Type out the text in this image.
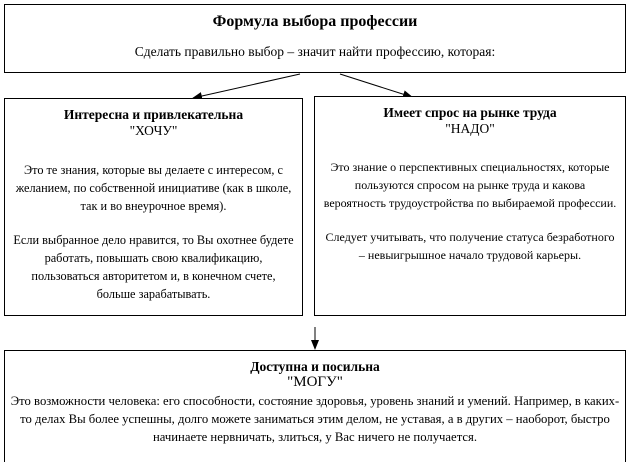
Формула выбора профессии
Сделать правильно выбор – значит найти профессию, которая:
Интересна и привлекательна
"ХОЧУ"
Это те знания, которые вы делаете с интересом, с желанием, по собственной инициативе (как в школе, так и во внеурочное время).
Если выбранное дело нравится, то Вы охотнее будете работать, повышать свою квалификацию, пользоваться авторитетом и, в конечном счете, больше зарабатывать.
Имеет спрос на рынке труда
"НАДО"
Это знание о перспективных специальностях, которые пользуются спросом на рынке труда и какова вероятность трудоустройства по выбираемой профессии.
Следует учитывать, что получение статуса безработного – невыигрышное начало трудовой карьеры.
Доступна и посильна
"МОГУ"
Это возможности человека: его способности, состояние здоровья, уровень знаний и умений. Например, в каких-то делах Вы более успешны, долго можете заниматься этим делом, не уставая, а в других – наоборот, быстро начинаете нервничать, злиться, у Вас ничего не получается.
